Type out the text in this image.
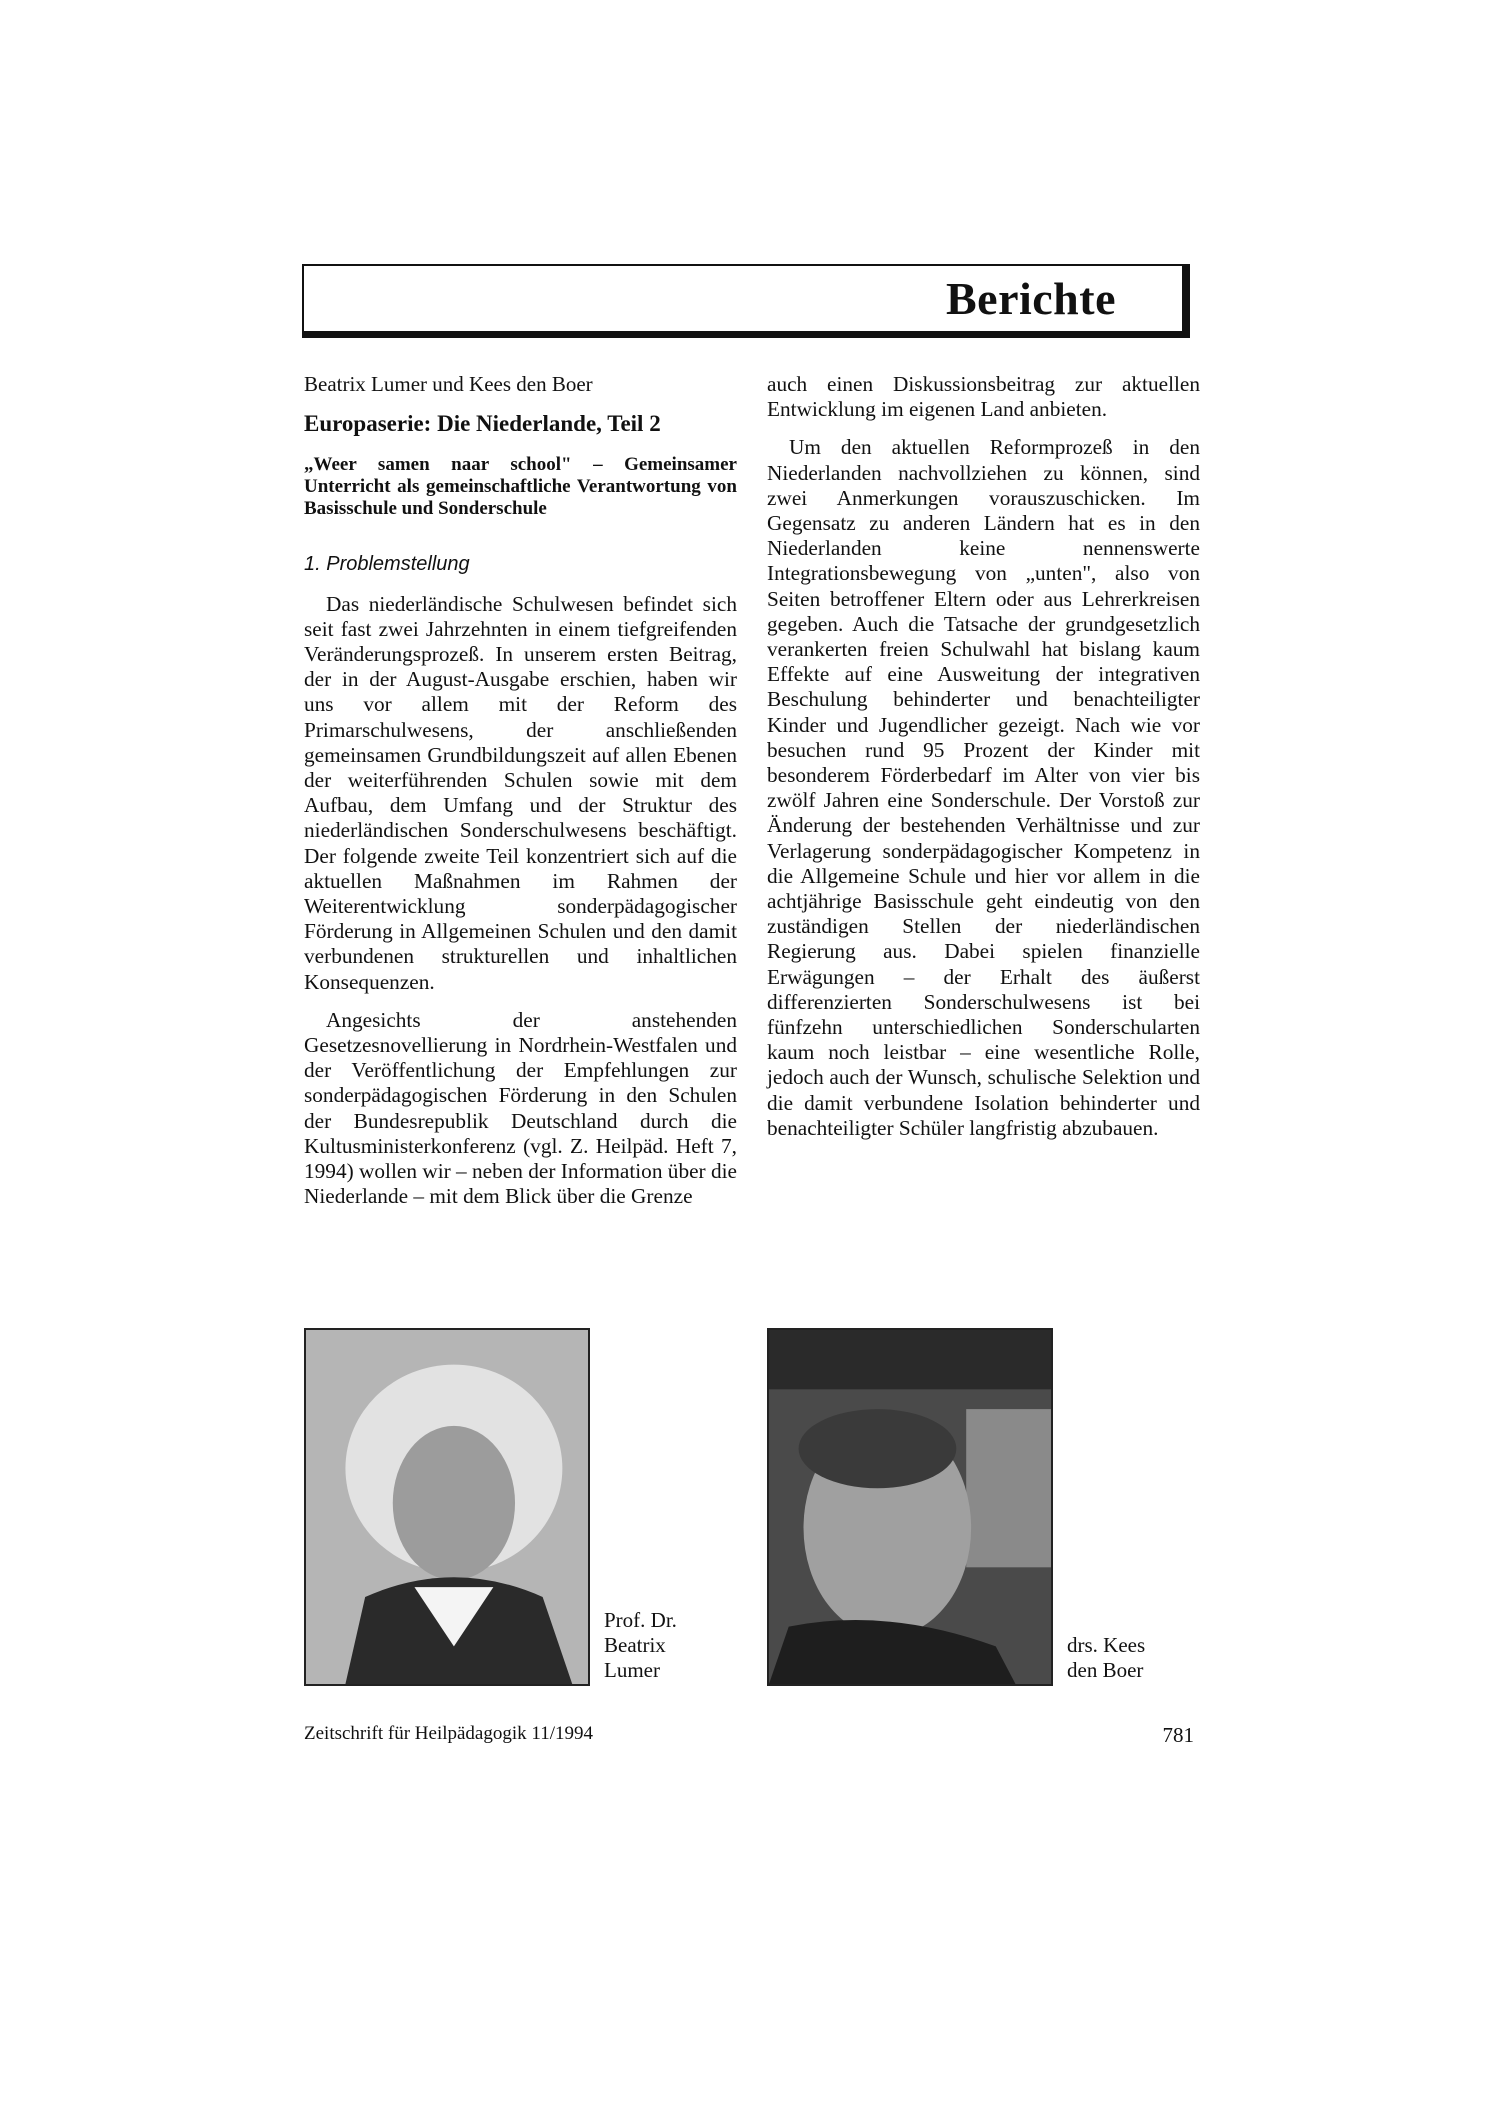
Berichte
Beatrix Lumer und Kees den Boer
Europaserie: Die Niederlande, Teil 2
„Weer samen naar school" – Gemeinsamer Unterricht als gemeinschaftliche Verantwortung von Basisschule und Sonderschule
1. Problemstellung

Das niederländische Schulwesen befindet sich seit fast zwei Jahrzehnten in einem tiefgreifenden Veränderungsprozeß. In unserem ersten Beitrag, der in der August-Ausgabe erschien, haben wir uns vor allem mit der Reform des Primarschulwesens, der anschließenden gemeinsamen Grundbildungszeit auf allen Ebenen der weiterführenden Schulen sowie mit dem Aufbau, dem Umfang und der Struktur des niederländischen Sonderschulwesens beschäftigt. Der folgende zweite Teil konzentriert sich auf die aktuellen Maßnahmen im Rahmen der Weiterentwicklung sonderpädagogischer Förderung in Allgemeinen Schulen und den damit verbundenen strukturellen und inhaltlichen Konsequenzen.

Angesichts der anstehenden Gesetzesnovellierung in Nordrhein-Westfalen und der Veröffentlichung der Empfehlungen zur sonderpädagogischen Förderung in den Schulen der Bundesrepublik Deutschland durch die Kultusministerkonferenz (vgl. Z. Heilpäd. Heft 7, 1994) wollen wir – neben der Information über die Niederlande – mit dem Blick über die Grenze

auch einen Diskussionsbeitrag zur aktuellen Entwicklung im eigenen Land anbieten.

Um den aktuellen Reformprozeß in den Niederlanden nachvollziehen zu können, sind zwei Anmerkungen vorauszuschicken. Im Gegensatz zu anderen Ländern hat es in den Niederlanden keine nennenswerte Integrationsbewegung von „unten", also von Seiten betroffener Eltern oder aus Lehrerkreisen gegeben. Auch die Tatsache der grundgesetzlich verankerten freien Schulwahl hat bislang kaum Effekte auf eine Ausweitung der integrativen Beschulung behinderter und benachteiligter Kinder und Jugendlicher gezeigt. Nach wie vor besuchen rund 95 Prozent der Kinder mit besonderem Förderbedarf im Alter von vier bis zwölf Jahren eine Sonderschule. Der Vorstoß zur Änderung der bestehenden Verhältnisse und zur Verlagerung sonderpädagogischer Kompetenz in die Allgemeine Schule und hier vor allem in die achtjährige Basisschule geht eindeutig von den zuständigen Stellen der niederländischen Regierung aus. Dabei spielen finanzielle Erwägungen – der Erhalt des äußerst differenzierten Sonderschulwesens ist bei fünfzehn unterschiedlichen Sonderschularten kaum noch leistbar – eine wesentliche Rolle, jedoch auch der Wunsch, schulische Selektion und die damit verbundene Isolation behinderter und benachteiligter Schüler langfristig abzubauen.

Prof. Dr.
Beatrix
Lumer
drs. Kees
den Boer
Zeitschrift für Heilpädagogik 11/1994	781
